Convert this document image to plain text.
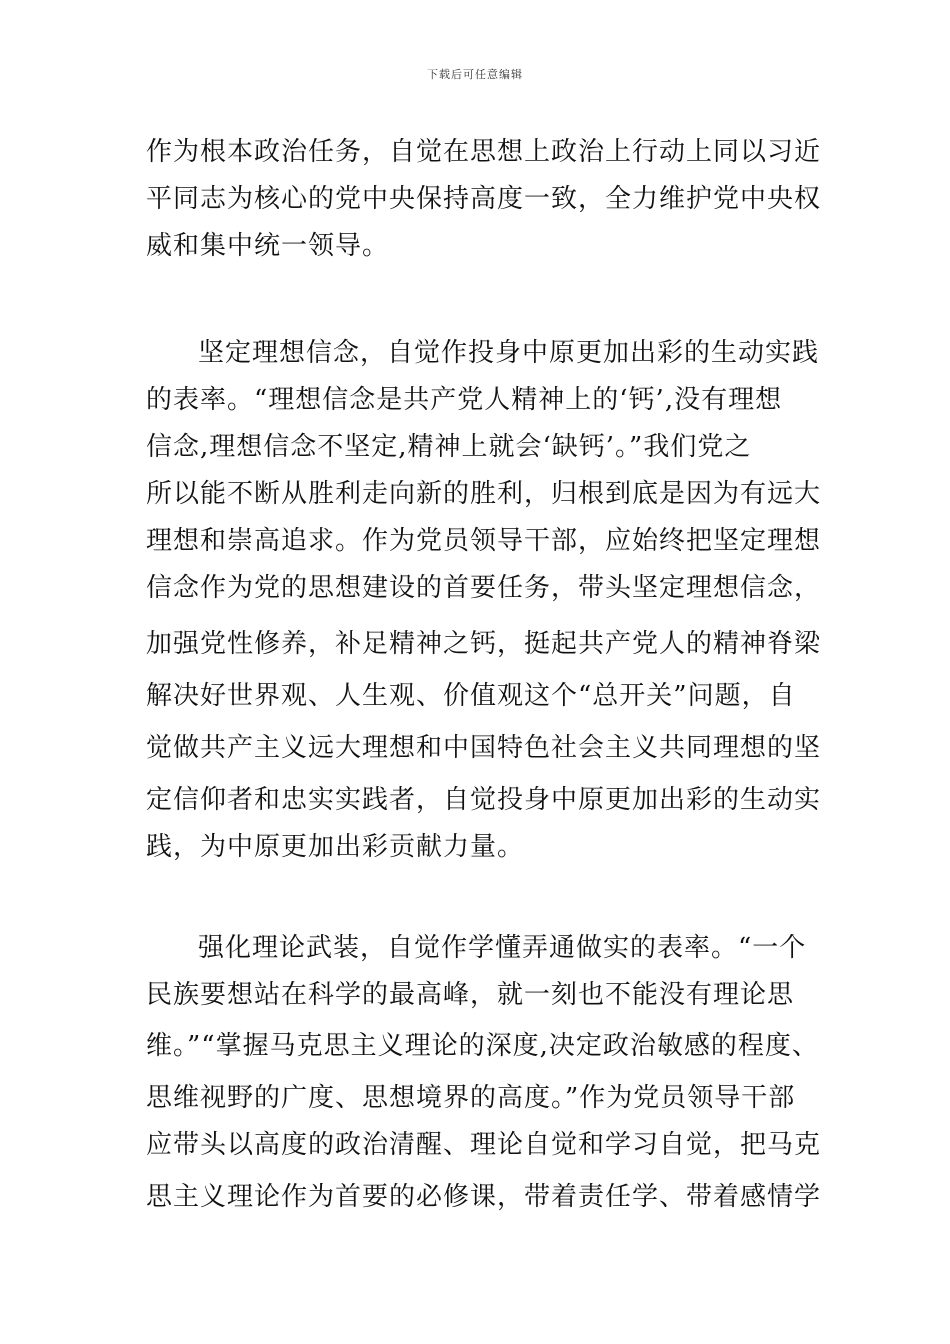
下载后可任意编辑
作为根本政治任务，自觉在思想上政治上行动上同以习近
平同志为核心的党中央保持高度一致，全力维护党中央权
威和集中统一领导。
坚定理想信念，自觉作投身中原更加出彩的生动实践
的表率。“理想信念是共产党人精神上的‘钙’,没有理想
信念,理想信念不坚定,精神上就会‘缺钙’。”我们党之
所以能不断从胜利走向新的胜利，归根到底是因为有远大
理想和崇高追求。作为党员领导干部，应始终把坚定理想
信念作为党的思想建设的首要任务，带头坚定理想信念，
加强党性修养，补足精神之钙，挺起共产党人的精神脊梁
解决好世界观、人生观、价值观这个“总开关”问题，自
觉做共产主义远大理想和中国特色社会主义共同理想的坚
定信仰者和忠实实践者，自觉投身中原更加出彩的生动实
践，为中原更加出彩贡献力量。
强化理论武装，自觉作学懂弄通做实的表率。“一个
民族要想站在科学的最高峰，就一刻也不能没有理论思
维。”“掌握马克思主义理论的深度,决定政治敏感的程度、
思维视野的广度、思想境界的高度。”作为党员领导干部
应带头以高度的政治清醒、理论自觉和学习自觉，把马克
思主义理论作为首要的必修课，带着责任学、带着感情学
